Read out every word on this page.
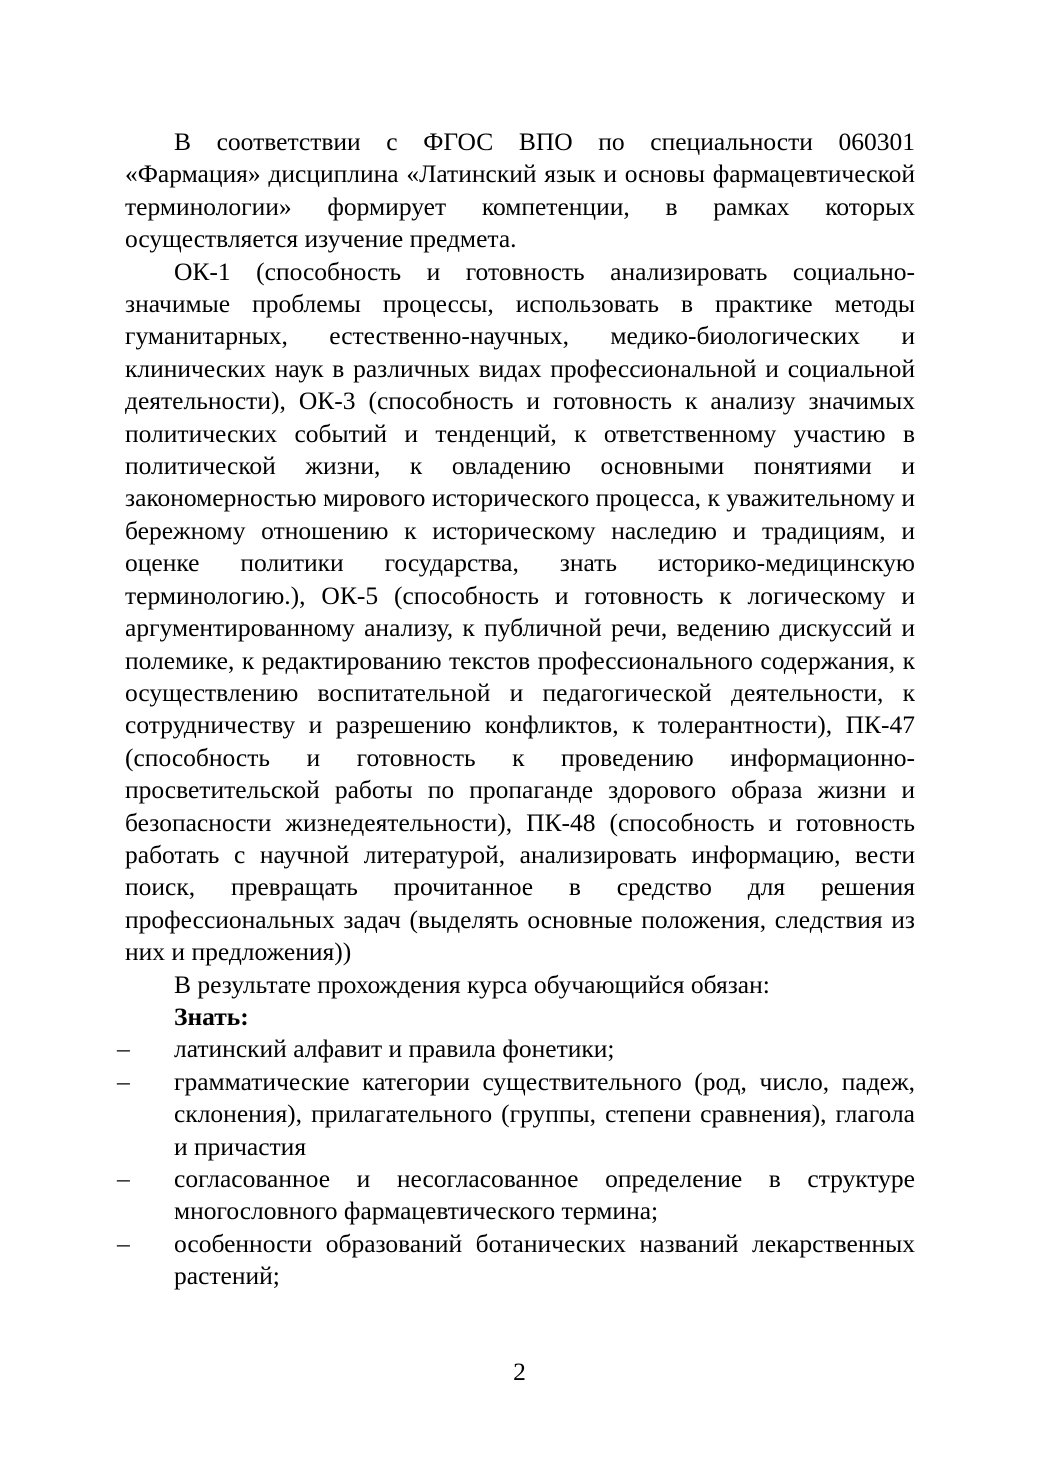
В соответствии с ФГОС ВПО по специальности 060301 «Фармация» дисциплина «Латинский язык и основы фармацевтической терминологии» формирует компетенции, в рамках которых осуществляется изучение предмета.

ОК-1 (способность и готовность анализировать социально-значимые проблемы процессы, использовать в практике методы гуманитарных, естественно-научных, медико-биологических и клинических наук в различных видах профессиональной и социальной деятельности), ОК-3 (способность и готовность к анализу значимых политических событий и тенденций, к ответственному участию в политической жизни, к овладению основными понятиями и закономерностью мирового исторического процесса, к уважительному и бережному отношению к историческому наследию и традициям, и оценке политики государства, знать историко-медицинскую терминологию.), ОК-5 (способность и готовность к логическому и аргументированному анализу, к публичной речи, ведению дискуссий и полемике, к редактированию текстов профессионального содержания, к осуществлению воспитательной и педагогической деятельности, к сотрудничеству и разрешению конфликтов, к толерантности), ПК-47 (способность и готовность к проведению информационно-просветительской работы по пропаганде здорового образа жизни и безопасности жизнедеятельности), ПК-48 (способность и готовность работать с научной литературой, анализировать информацию, вести поиск, превращать прочитанное в средство для решения профессиональных задач (выделять основные положения, следствия из них и предложения))

В результате прохождения курса обучающийся обязан:

Знать:

– латинский алфавит и правила фонетики;
– грамматические категории существительного (род, число, падеж, склонения), прилагательного (группы, степени сравнения), глагола и причастия
– согласованное и несогласованное определение в структуре многословного фармацевтического термина;
– особенности образований ботанических названий лекарственных растений;
2
